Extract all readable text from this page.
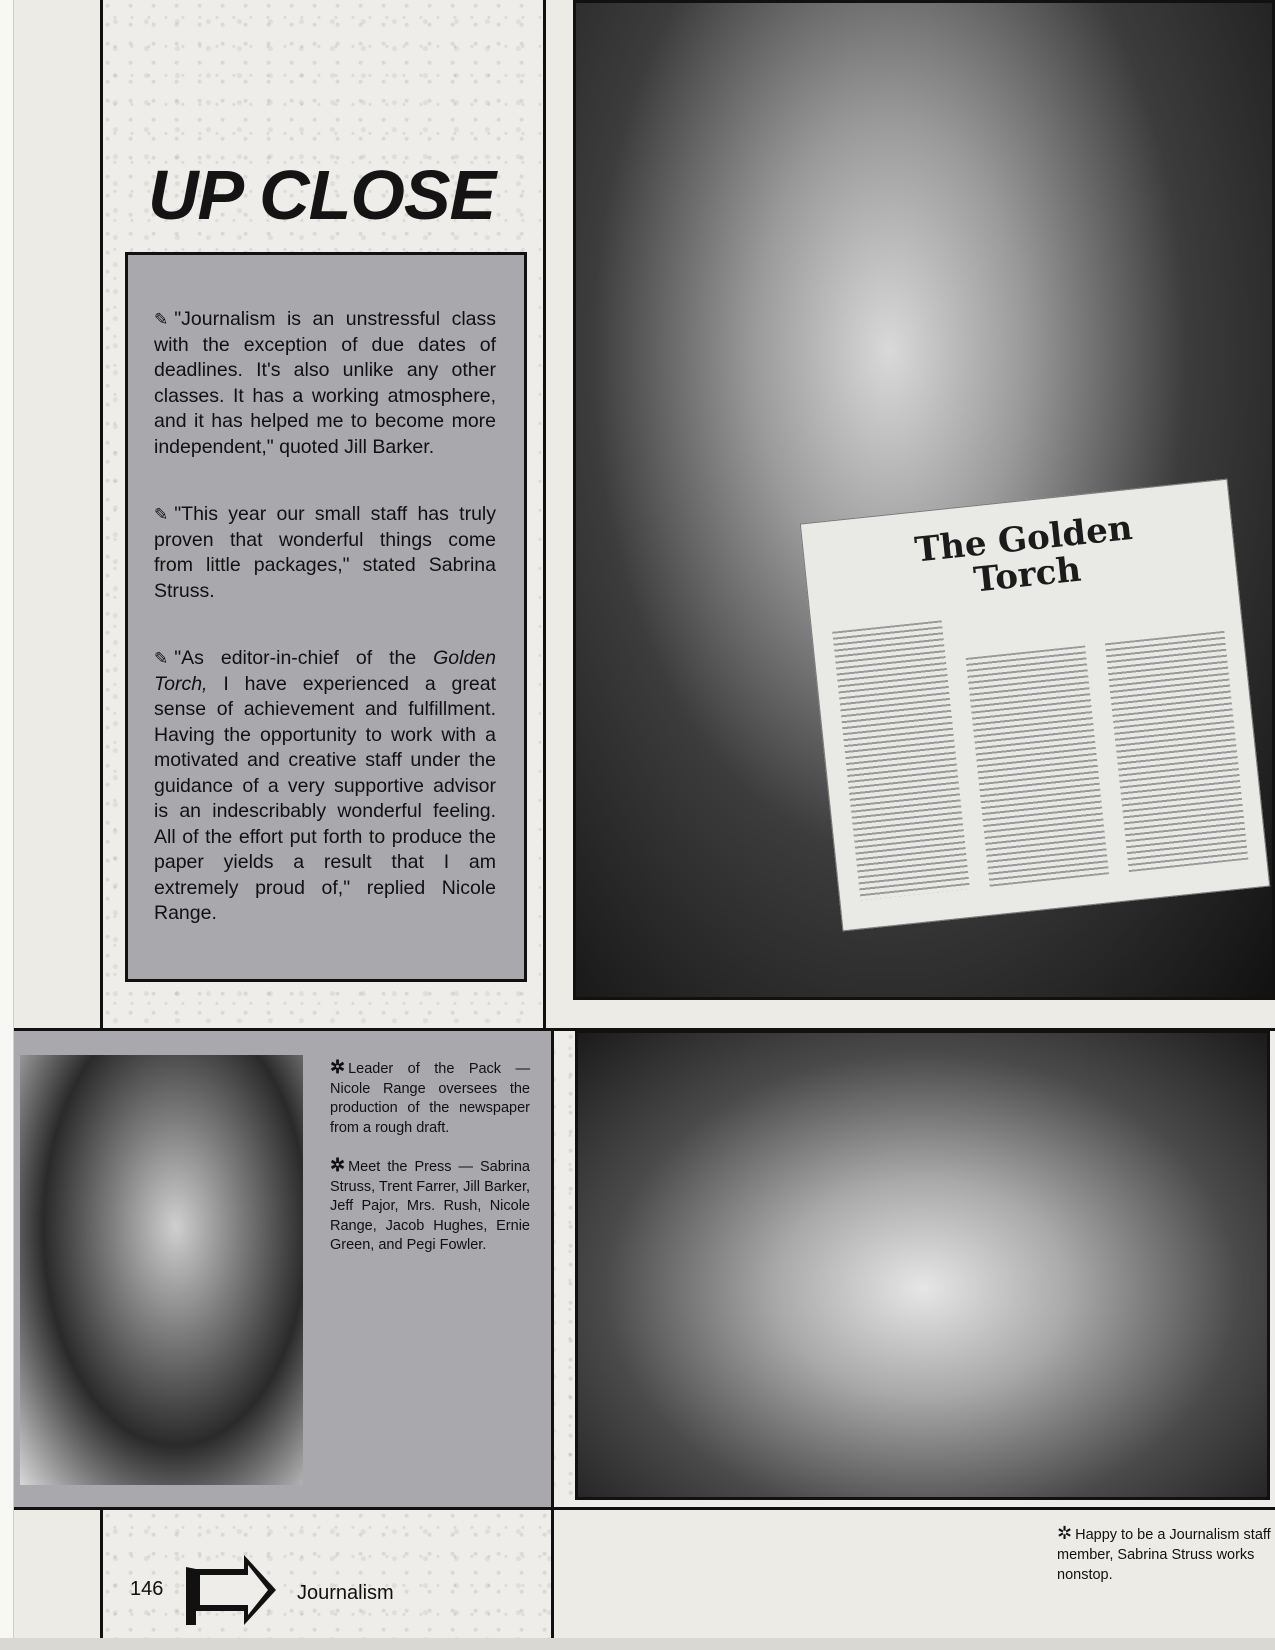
UP CLOSE

✎ "Journalism is an unstressful class with the exception of due dates of deadlines. It's also unlike any other classes. It has a working atmosphere, and it has helped me to become more independent," quoted Jill Barker.

✎ "This year our small staff has truly proven that wonderful things come from little packages," stated Sabrina Struss.

✎ "As editor-in-chief of the Golden Torch, I have experienced a great sense of achievement and fulfillment. Having the opportunity to work with a motivated and creative staff under the guidance of a very supportive advisor is an indescribably wonderful feeling. All of the effort put forth to produce the paper yields a result that I am extremely proud of," replied Nicole Range.

The Golden Torch

✲ Leader of the Pack — Nicole Range oversees the production of the newspaper from a rough draft.

✲ Meet the Press — Sabrina Struss, Trent Farrer, Jill Barker, Jeff Pajor, Mrs. Rush, Nicole Range, Jacob Hughes, Ernie Green, and Pegi Fowler.

146	Journalism
✲ Happy to be a Journalism staff member, Sabrina Struss works nonstop.
